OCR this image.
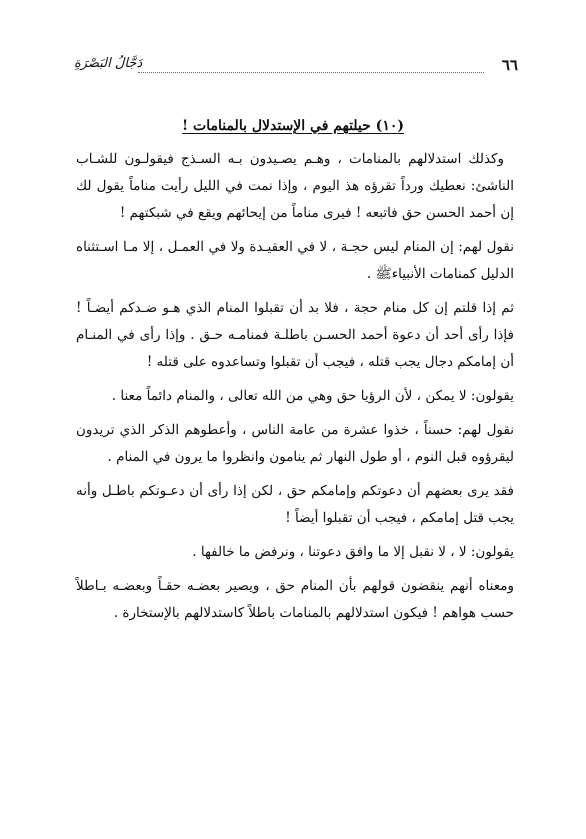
٦٦
دَجَّالُ البَصْرَةِ
(١٠) حيلتهم في الإستدلال بالمنامات !

وكذلك استدلالهم بالمنامات ، وهـم يصـيدون بـه السـذج فيقولـون للشـاب الناشئ: نعطيك ورداً تقرؤه هذ اليوم ، وإذا نمت في الليل رأيت مناماً يقول لك إن أحمد الحسن حق فاتبعه ! فيرى مناماً من إيحائهم ويقع في شبكتهم !

نقول لهم: إن المنام ليس حجـة ، لا في العقيـدة ولا في العمـل ، إلا مـا اسـتثناه الدليل كمنامات الأنبياءﷺ .

ثم إذا قلتم إن كل منام حجة ، فلا بد أن تقبلوا المنام الذي هـو ضـدكم أيضـاً ! فإذا رأى أحد أن دعوة أحمد الحسـن باطلـة فمنامـه حـق . وإذا رأى في المنـام أن إمامكم دجال يجب قتله ، فيجب أن تقبلوا وتساعدوه على قتله !

يقولون: لا يمكن ، لأن الرؤيا حق وهي من الله تعالى ، والمنام دائماً معنا .

نقول لهم: حسناً ، خذوا عشرة من عامة الناس ، وأعطوهم الذكر الذي تريدون ليقرؤوه قبل النوم ، أو طول النهار ثم ينامون وانظروا ما يرون في المنام .

فقد يرى بعضهم أن دعوتكم وإمامكم حق ، لكن إذا رأى أن دعـوتكم باطـل وأنه يجب قتل إمامكم ، فيجب أن تقبلوا أيضاً !

يقولون: لا ، لا نقبل إلا ما وافق دعوتنا ، ونرفض ما خالفها .

ومعناه أنهم ينقضون قولهم بأن المنام حق ، ويصير بعضـه حقـاً وبعضـه بـاطلاً حسب هواهم ! فيكون استدلالهم بالمنامات باطلاً كاستدلالهم بالإستخارة .
